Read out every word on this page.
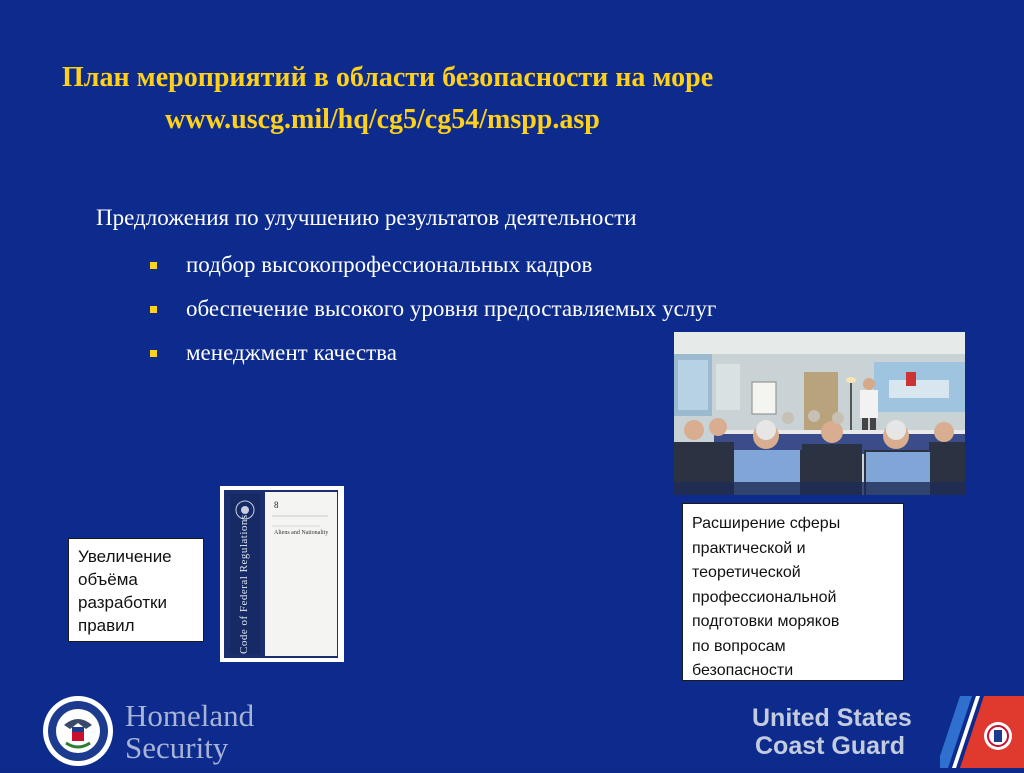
План мероприятий в области безопасности на море
www.uscg.mil/hq/cg5/cg54/mspp.asp
Предложения по улучшению результатов деятельности
подбор высокопрофессиональных кадров
обеспечение высокого уровня предоставляемых услуг
менеджмент качества
Code of Federal Regulations
8
Aliens and Nationality
Увеличение
объёма
разработки
правил
Расширение сферы
практической и
теоретической
профессиональной
подготовки моряков
по вопросам
безопасности
Homeland
Security
United States
Coast Guard
